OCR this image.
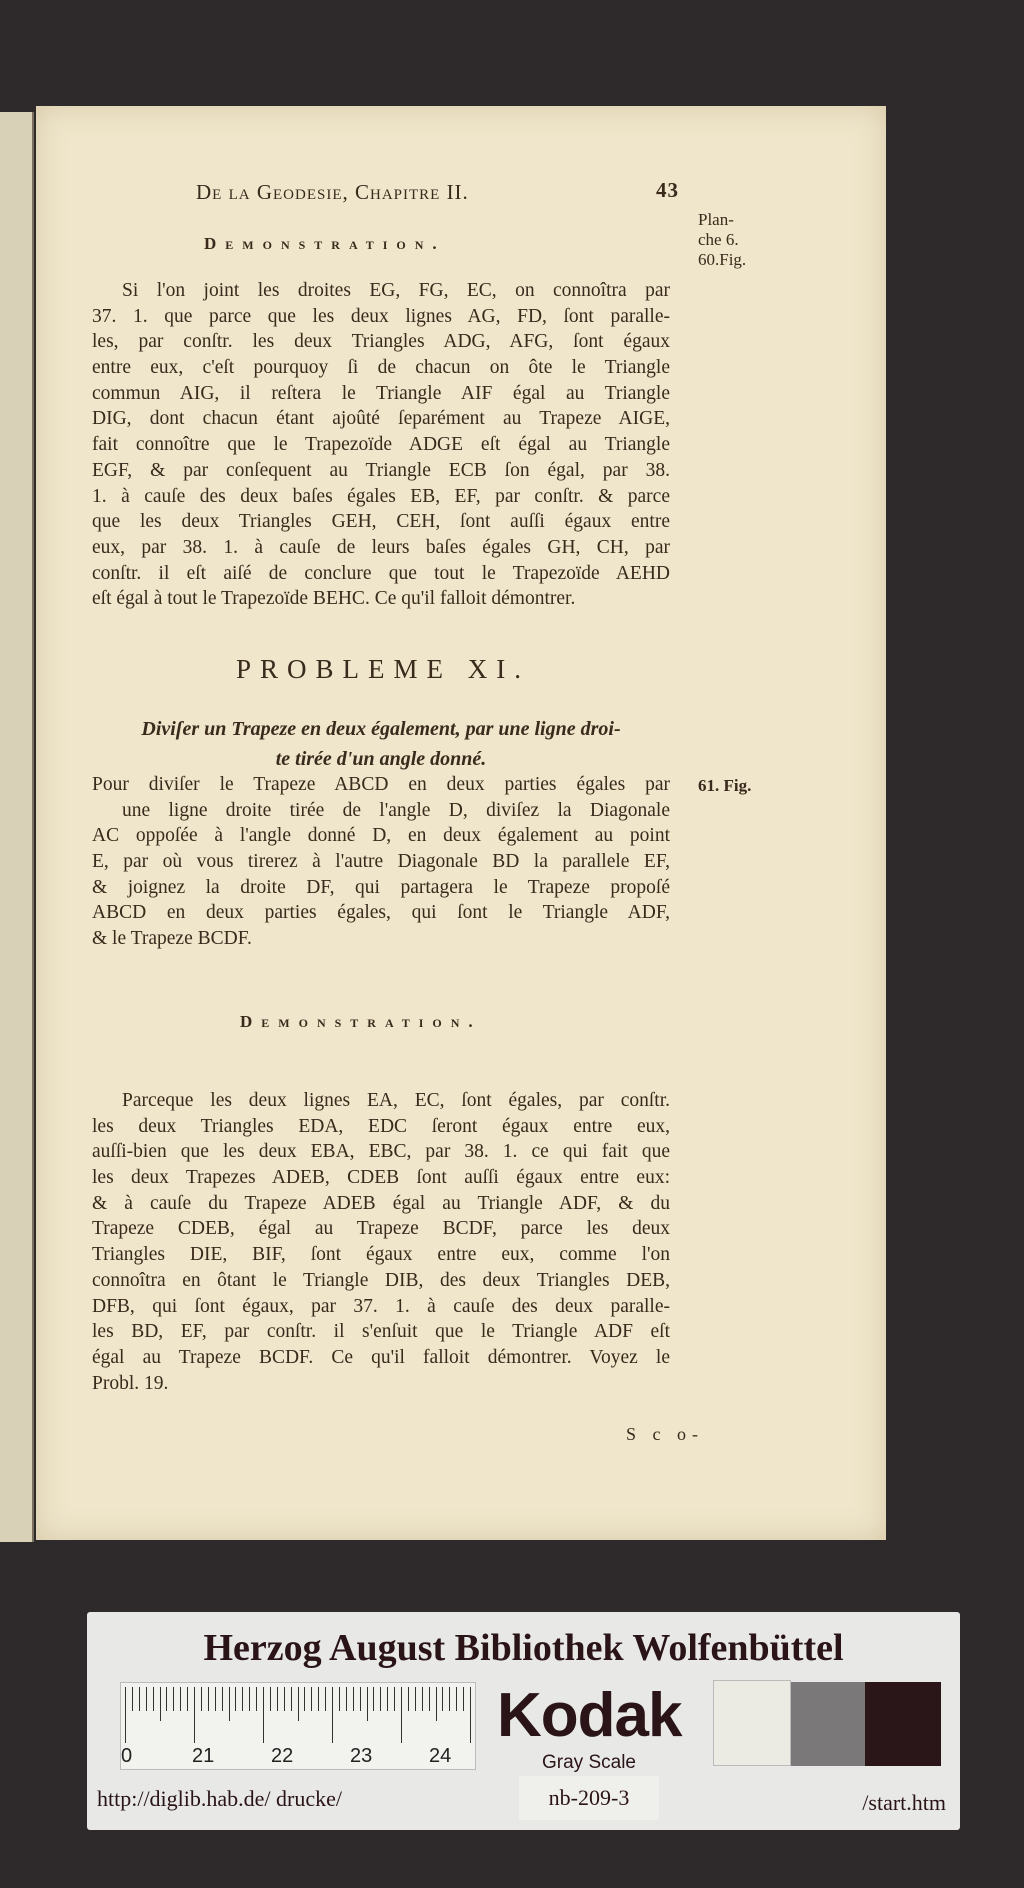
De la Geodesie, Chapitre II.	43
Plan-
che 6.
60.Fig.
Demonstration.
Si l'on joint les droites EG, FG, EC, on connoîtra par
37. 1. que parce que les deux lignes AG, FD, ſont paralle-
les, par conſtr. les deux Triangles ADG, AFG, ſont égaux
entre eux, c'eſt pourquoy ſi de chacun on ôte le Triangle
commun AIG, il reſtera le Triangle AIF égal au Triangle
DIG, dont chacun étant ajoûté ſeparément au Trapeze AIGE,
fait connoître que le Trapezoïde ADGE eſt égal au Triangle
EGF, & par conſequent au Triangle ECB ſon égal, par 38.
1. à cauſe des deux baſes égales EB, EF, par conſtr. & parce
que les deux Triangles GEH, CEH, ſont auſſi égaux entre
eux, par 38. 1. à cauſe de leurs baſes égales GH, CH, par
conſtr. il eſt aiſé de conclure que tout le Trapezoïde AEHD
eſt égal à tout le Trapezoïde BEHC. Ce qu'il falloit démontrer.
PROBLEME XI.
Diviſer un Trapeze en deux également, par une ligne droi-
te tirée d'un angle donné.
61. Fig.
Pour diviſer le Trapeze ABCD en deux parties égales par
une ligne droite tirée de l'angle D, diviſez la Diagonale
AC oppoſée à l'angle donné D, en deux également au point
E, par où vous tirerez à l'autre Diagonale BD la parallele EF,
& joignez la droite DF, qui partagera le Trapeze propoſé
ABCD en deux parties égales, qui ſont le Triangle ADF,
& le Trapeze BCDF.
Demonstration.
Parceque les deux lignes EA, EC, ſont égales, par conſtr.
les deux Triangles EDA, EDC ſeront égaux entre eux,
auſſi-bien que les deux EBA, EBC, par 38. 1. ce qui fait que
les deux Trapezes ADEB, CDEB ſont auſſi égaux entre eux:
& à cauſe du Trapeze ADEB égal au Triangle ADF, & du
Trapeze CDEB, égal au Trapeze BCDF, parce les deux
Triangles DIE, BIF, ſont égaux entre eux, comme l'on
connoîtra en ôtant le Triangle DIB, des deux Triangles DEB,
DFB, qui ſont égaux, par 37. 1. à cauſe des deux paralle-
les BD, EF, par conſtr. il s'enſuit que le Triangle ADF eſt
égal au Trapeze BCDF. Ce qu'il falloit démontrer. Voyez le
Probl. 19.
S c o-
Herzog August Bibliothek Wolfenbüttel
0	21	22	23	24
Kodak
Gray Scale
http://diglib.hab.de/ drucke/	nb-209-3	/start.htm
